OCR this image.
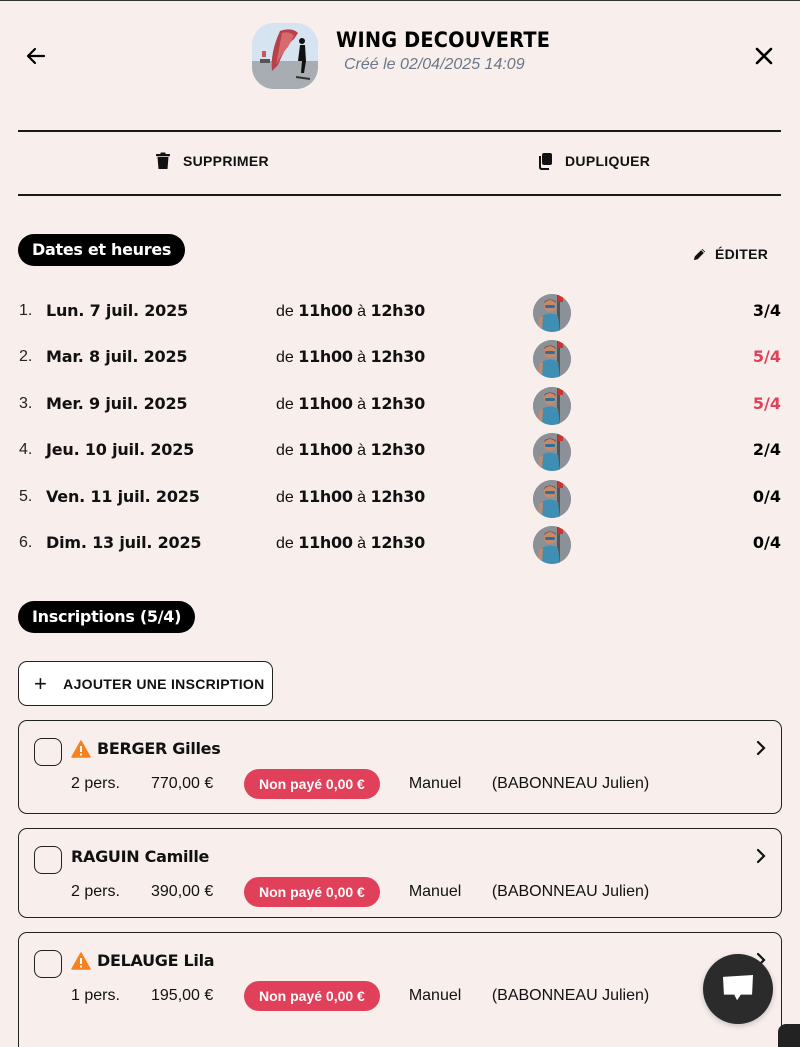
WING DECOUVERTE
Créé le 02/04/2025 14:09
SUPPRIMER	DUPLIQUER
Dates et heures	ÉDITER
1. Lun. 7 juil. 2025	de 11h00 à 12h30	3/4
2. Mar. 8 juil. 2025	de 11h00 à 12h30	5/4
3. Mer. 9 juil. 2025	de 11h00 à 12h30	5/4
4. Jeu. 10 juil. 2025	de 11h00 à 12h30	2/4
5. Ven. 11 juil. 2025	de 11h00 à 12h30	0/4
6. Dim. 13 juil. 2025	de 11h00 à 12h30	0/4
Inscriptions (5/4)
+ AJOUTER UNE INSCRIPTION
BERGER Gilles
2 pers.	770,00 €	Non payé 0,00 €	Manuel	(BABONNEAU Julien)
RAGUIN Camille
2 pers.	390,00 €	Non payé 0,00 €	Manuel	(BABONNEAU Julien)
DELAUGE Lila
1 pers.	195,00 €	Non payé 0,00 €	Manuel	(BABONNEAU Julien)
